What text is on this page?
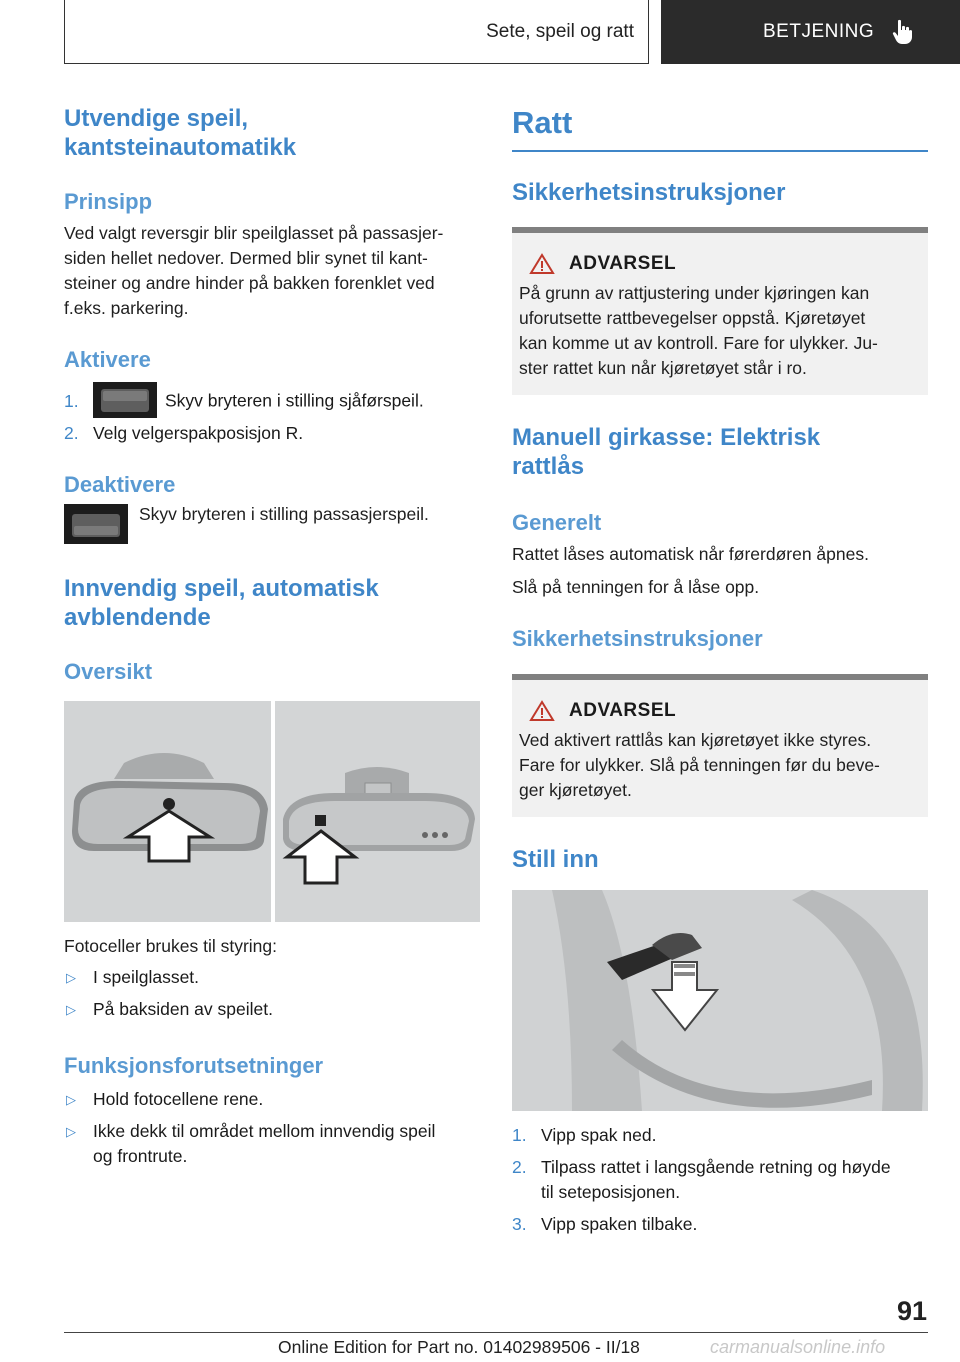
Sete, speil og ratt	BETJENING
Utvendige speil,
kantsteinautomatikk
Prinsipp

Ved valgt reversgir blir speilglasset på passasjer-

siden hellet nedover. Dermed blir synet til kant-

steiner og andre hinder på bakken forenklet ved

f.eks. parkering.

Aktivere
1.	Skyv bryteren i stilling sjåførspeil.
2. Velg velgerspakposisjon R.
Deaktivere
Skyv bryteren i stilling passasjerspeil.
Innvendig speil, automatisk
avblendende
Oversikt

Fotoceller brukes til styring:

▷ I speilglasset.
▷ På baksiden av speilet.
Funksjonsforutsetninger
▷ Hold fotocellene rene.
▷ Ikke dekk til området mellom innvendig speil
og frontrute.
Ratt
Sikkerhetsinstruksjoner
ADVARSEL
På grunn av rattjustering under kjøringen kan
uforutsette rattbevegelser oppstå. Kjøretøyet
kan komme ut av kontroll. Fare for ulykker. Ju-
ster rattet kun når kjøretøyet står i ro.
Manuell girkasse: Elektrisk
rattlås
Generelt

Rattet låses automatisk når førerdøren åpnes.

Slå på tenningen for å låse opp.

Sikkerhetsinstruksjoner
ADVARSEL
Ved aktivert rattlås kan kjøretøyet ikke styres.
Fare for ulykker. Slå på tenningen før du beve-
ger kjøretøyet.
Still inn
1. Vipp spak ned.
2. Tilpass rattet i langsgående retning og høyde
til seteposisjonen.
3. Vipp spaken tilbake.
91
Online Edition for Part no. 01402989506 - II/18	carmanualsonline.info
